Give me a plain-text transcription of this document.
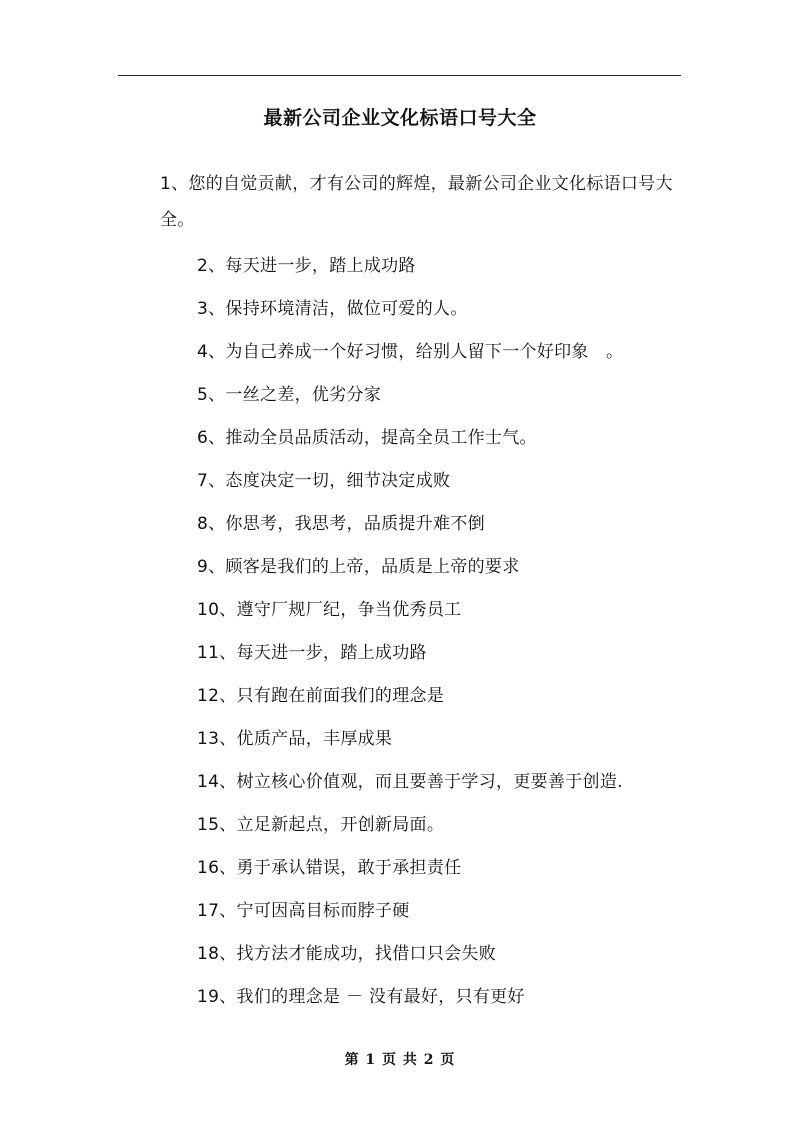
最新公司企业文化标语口号大全
1、您的自觉贡献，才有公司的辉煌，最新公司企业文化标语口号大全。
2、每天进一步，踏上成功路
3、保持环境清洁，做位可爱的人。
4、为自己养成一个好习惯，给别人留下一个好印象　。
5、一丝之差，优劣分家
6、推动全员品质活动，提高全员工作士气。
7、态度决定一切，细节决定成败
8、你思考，我思考，品质提升难不倒
9、顾客是我们的上帝，品质是上帝的要求
10、遵守厂规厂纪，争当优秀员工
11、每天进一步，踏上成功路
12、只有跑在前面我们的理念是
13、优质产品，丰厚成果
14、树立核心价值观，而且要善于学习，更要善于创造.
15、立足新起点，开创新局面。
16、勇于承认错误，敢于承担责任
17、宁可因高目标而脖子硬
18、找方法才能成功，找借口只会失败
19、我们的理念是 － 没有最好，只有更好
第 1 页 共 2 页
